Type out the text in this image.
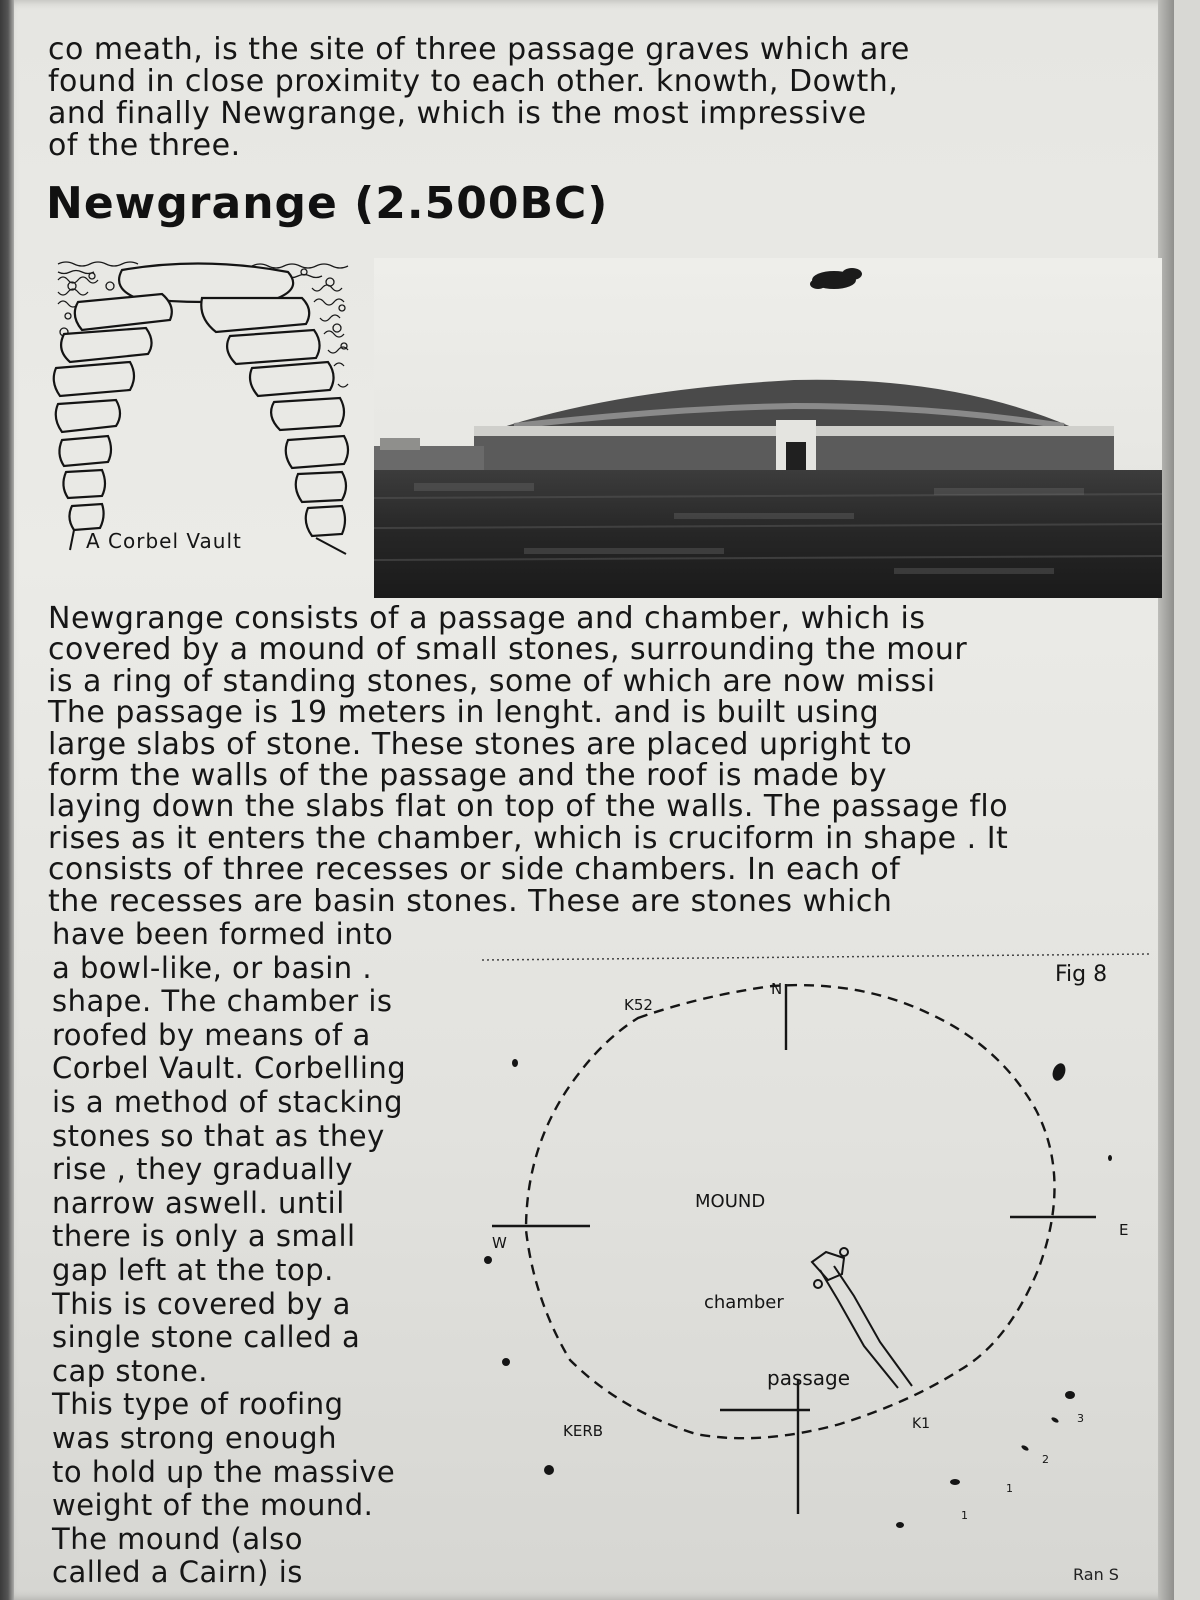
co meath, is the site of three passage graves which are
found in close proximity to each other. knowth, Dowth,
and finally Newgrange, which is the most impressive
of the three.
Newgrange (2.500BC)
A Corbel Vault
Newgrange consists of a passage and chamber, which is
covered by a mound of small stones, surrounding the mour
is a ring of standing stones, some of which are now missi
The passage is 19 meters in lenght. and is built using
large slabs of stone. These stones are placed upright to
form the walls of the passage and the roof is made by
laying down the slabs flat on top of the walls. The passage flo
rises as it enters the chamber, which is cruciform in shape . It
consists of three recesses or side chambers. In each of
the recesses are basin stones. These are stones which
have been formed into
a bowl-like, or basin .
shape. The chamber is
roofed by means of a
Corbel Vault. Corbelling
is a method of stacking
stones so that as they
rise , they gradually
narrow aswell. until
there is only a small
gap left at the top.
This is covered by a
single stone called a
cap stone.
This type of roofing
was strong enough
to hold up the massive
weight of the mound.
The mound (also
called a Cairn) is
Fig 8
MOUND
chamber
passage
KERB
K52
K1
N
E
W
1
2
3
1
Ran S
